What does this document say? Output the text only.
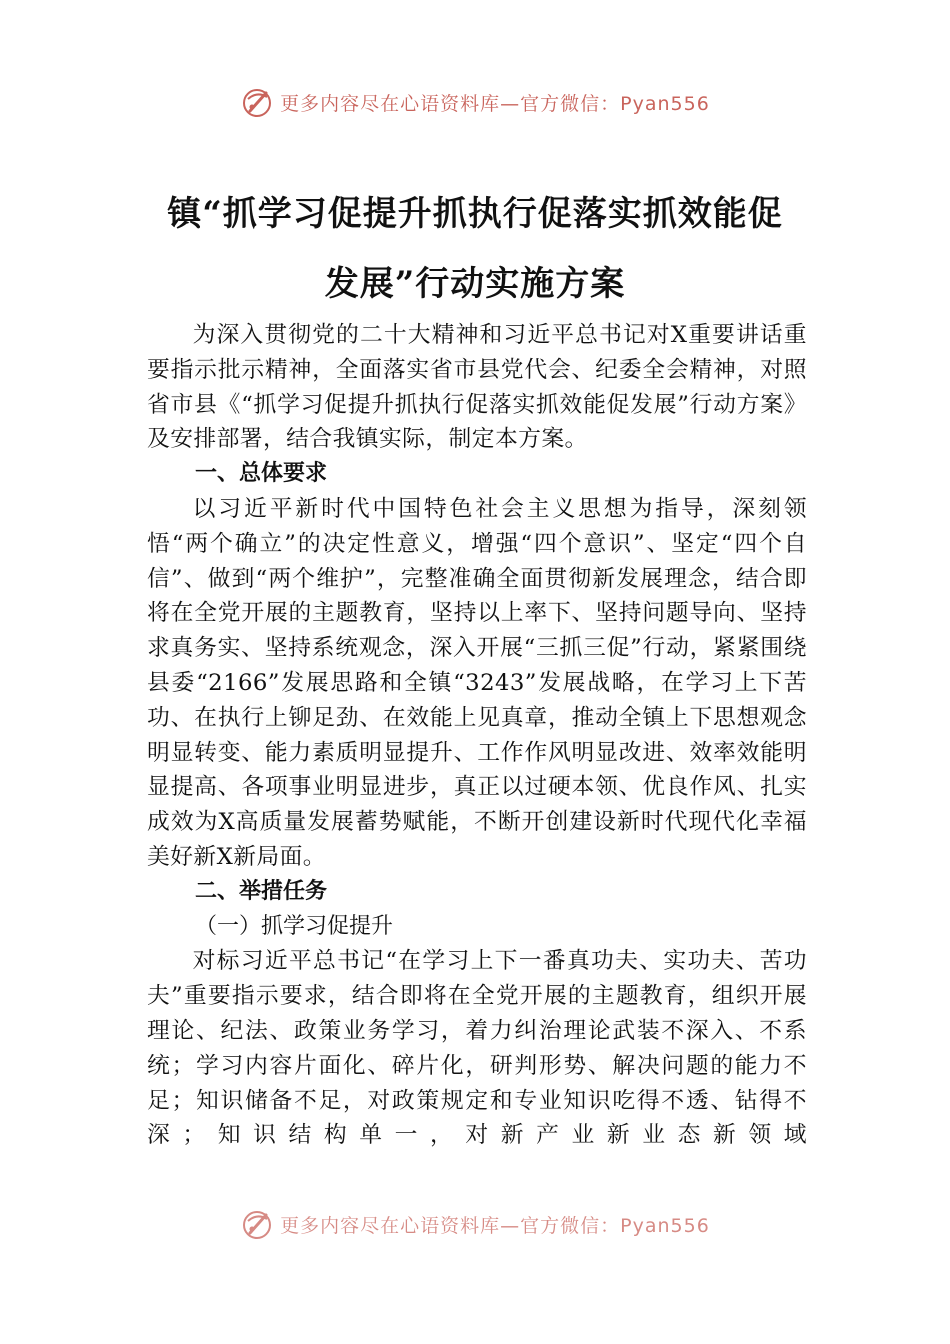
更多内容尽在心语资料库—官方微信：Pyan556
镇“抓学习促提升抓执行促落实抓效能促
发展”行动实施方案

为深入贯彻党的二十大精神和习近平总书记对X重要讲话重要指示批示精神，全面落实省市县党代会、纪委全会精神，对照省市县《“抓学习促提升抓执行促落实抓效能促发展”行动方案》及安排部署，结合我镇实际，制定本方案。

一、总体要求

以习近平新时代中国特色社会主义思想为指导，深刻领悟“两个确立”的决定性意义，增强“四个意识”、坚定“四个自信”、做到“两个维护”，完整准确全面贯彻新发展理念，结合即将在全党开展的主题教育，坚持以上率下、坚持问题导向、坚持求真务实、坚持系统观念，深入开展“三抓三促”行动，紧紧围绕县委“2166”发展思路和全镇“3243”发展战略，在学习上下苦功、在执行上铆足劲、在效能上见真章，推动全镇上下思想观念明显转变、能力素质明显提升、工作作风明显改进、效率效能明显提高、各项事业明显进步，真正以过硬本领、优良作风、扎实成效为X高质量发展蓄势赋能，不断开创建设新时代现代化幸福美好新X新局面。

二、举措任务

（一）抓学习促提升

对标习近平总书记“在学习上下一番真功夫、实功夫、苦功夫”重要指示要求，结合即将在全党开展的主题教育，组织开展理论、纪法、政策业务学习，着力纠治理论武装不深入、不系统；学习内容片面化、碎片化，研判形势、解决问题的能力不足；知识储备不足，对政策规定和专业知识吃得不透、钻得不深；知识结构单一，对新产业新业态新领域

更多内容尽在心语资料库—官方微信：Pyan556
